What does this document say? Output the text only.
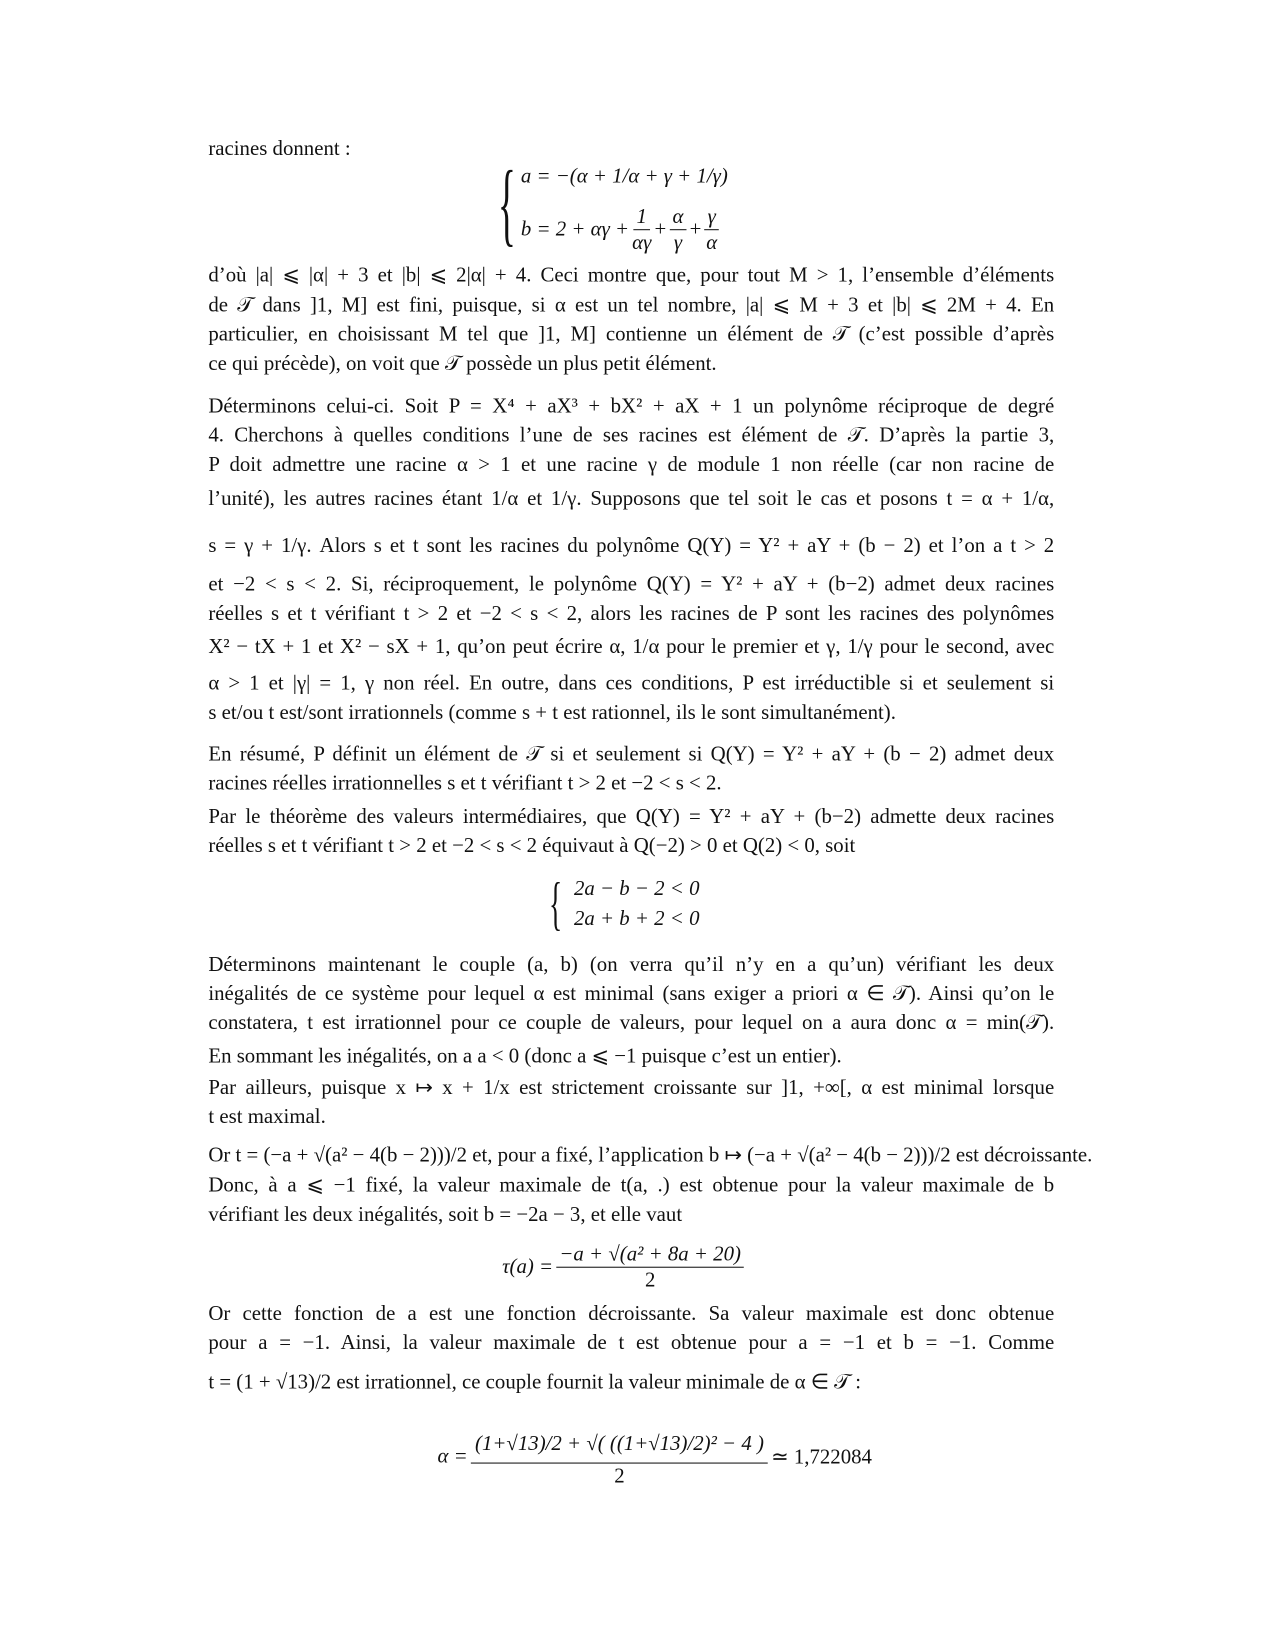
{ a = −(α + 1/α + γ + 1/γ)
$b = 2 + \alpha\gamma + \frac{1}{\alpha\gamma} + \frac{\alpha}{\gamma} + \frac{\gamma}{\alpha}$
{ 2a − b − 2 < 0
2a + b + 2 < 0
$\tau(a) = \frac{\text{−a + √(a² + 8a + 20)}}{2}$
$\alpha = \frac{\text{(1+√13)/2 + √( ((1+√13)/2)² − 4 )}}{2}$ ≃ 1,722084
racines donnent :
d’où |a| ⩽ |α| + 3 et |b| ⩽ 2|α| + 4. Ceci montre que, pour tout M > 1, l’ensemble d’éléments
de 𝒯 dans ]1, M] est fini, puisque, si α est un tel nombre, |a| ⩽ M + 3 et |b| ⩽ 2M + 4. En
particulier, en choisissant M tel que ]1, M] contienne un élément de 𝒯 (c’est possible d’après
ce qui précède), on voit que 𝒯 possède un plus petit élément.
Déterminons celui-ci. Soit P = X⁴ + aX³ + bX² + aX + 1 un polynôme réciproque de degré
4. Cherchons à quelles conditions l’une de ses racines est élément de 𝒯. D’après la partie 3,
P doit admettre une racine α > 1 et une racine γ de module 1 non réelle (car non racine de
l’unité), les autres racines étant 1/α et 1/γ. Supposons que tel soit le cas et posons t = α + 1/α,
s = γ + 1/γ. Alors s et t sont les racines du polynôme Q(Y) = Y² + aY + (b − 2) et l’on a t > 2
et −2 < s < 2. Si, réciproquement, le polynôme Q(Y) = Y² + aY + (b−2) admet deux racines
réelles s et t vérifiant t > 2 et −2 < s < 2, alors les racines de P sont les racines des polynômes
X² − tX + 1 et X² − sX + 1, qu’on peut écrire α, 1/α pour le premier et γ, 1/γ pour le second, avec
α > 1 et |γ| = 1, γ non réel. En outre, dans ces conditions, P est irréductible si et seulement si
s et/ou t est/sont irrationnels (comme s + t est rationnel, ils le sont simultanément).
En résumé, P définit un élément de 𝒯 si et seulement si Q(Y) = Y² + aY + (b − 2) admet deux
racines réelles irrationnelles s et t vérifiant t > 2 et −2 < s < 2.
Par le théorème des valeurs intermédiaires, que Q(Y) = Y² + aY + (b−2) admette deux racines
réelles s et t vérifiant t > 2 et −2 < s < 2 équivaut à Q(−2) > 0 et Q(2) < 0, soit
Déterminons maintenant le couple (a, b) (on verra qu’il n’y en a qu’un) vérifiant les deux
inégalités de ce système pour lequel α est minimal (sans exiger a priori α ∈ 𝒯). Ainsi qu’on le
constatera, t est irrationnel pour ce couple de valeurs, pour lequel on a aura donc α = min(𝒯).
En sommant les inégalités, on a a < 0 (donc a ⩽ −1 puisque c’est un entier).
Par ailleurs, puisque x ↦ x + 1/x est strictement croissante sur ]1, +∞[, α est minimal lorsque
t est maximal.
Or t = (−a + √(a² − 4(b − 2)))/2 et, pour a fixé, l’application b ↦ (−a + √(a² − 4(b − 2)))/2 est décroissante.
Donc, à a ⩽ −1 fixé, la valeur maximale de t(a, .) est obtenue pour la valeur maximale de b
vérifiant les deux inégalités, soit b = −2a − 3, et elle vaut
Or cette fonction de a est une fonction décroissante. Sa valeur maximale est donc obtenue
pour a = −1. Ainsi, la valeur maximale de t est obtenue pour a = −1 et b = −1. Comme
t = (1 + √13)/2 est irrationnel, ce couple fournit la valeur minimale de α ∈ 𝒯 :
